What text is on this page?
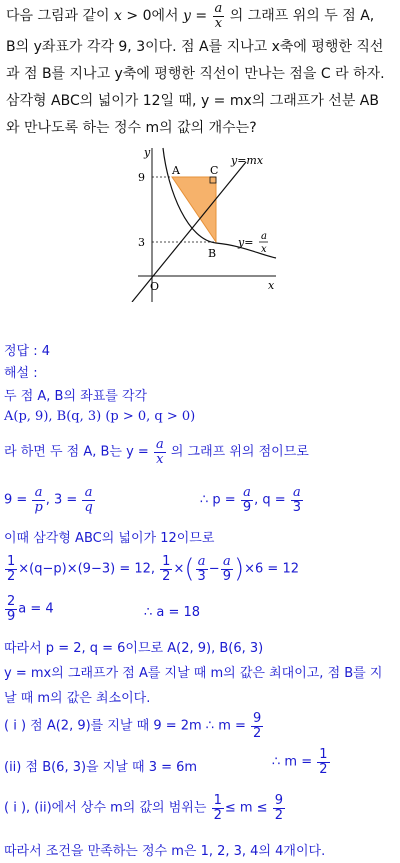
다음 그림과 같이 x > 0에서 $y = \frac{a}{x}$ 의 그래프 위의 두 점 A,

B의 y좌표가 각각 9, 3이다. 점 A를 지나고 x축에 평행한 직선

과 점 B를 지나고 y축에 평행한 직선이 만나는 점을 C 라 하자.

삼각형 ABC의 넓이가 12일 때, y = mx의 그래프가 선분 AB

와 만나도록 하는 정수 m의 값의 개수는?

y
x
O
9
3
A	C
B
y=mx
y= a
x
정답 : 4
해설 :
두 점 A, B의 좌표를 각각
A(p, 9), B(q, 3) (p > 0, q > 0)
라 하면 두 점 A, B는 $y = \frac{a}{x}$ 의 그래프 위의 점이므로
$9 = \frac{a}{p}$ , $3 = \frac{a}{q}$	∴ $p = \frac{a}{9}$ , $q = \frac{a}{3}$
이때 삼각형 ABC의 넓이가 12이므로
$\frac{1}{2} \times(q-p)\times(9-3) = 12$, $\frac{1}{2}$ ×( $\frac{a}{3} - \frac{a}{9} )\times 6 = 12$
$\frac{2}{9}$ a = 4	∴ a = 18
따라서 p = 2, q = 6이므로 A(2, 9), B(6, 3)
y = mx의 그래프가 점 A를 지날 때 m의 값은 최대이고, 점 B를 지
날 때 m의 값은 최소이다.
( i ) 점 A(2, 9)를 지날 때 9 = 2m ∴ $m = \frac{9}{2}$
(ii) 점 B(6, 3)을 지날 때 3 = 6m	∴ $m = \frac{1}{2}$
( i ), (ii)에서 상수 m의 값의 범위는 $\frac{1}{2} \le m \le \frac{9}{2}$
따라서 조건을 만족하는 정수 m은 1, 2, 3, 4의 4개이다.
